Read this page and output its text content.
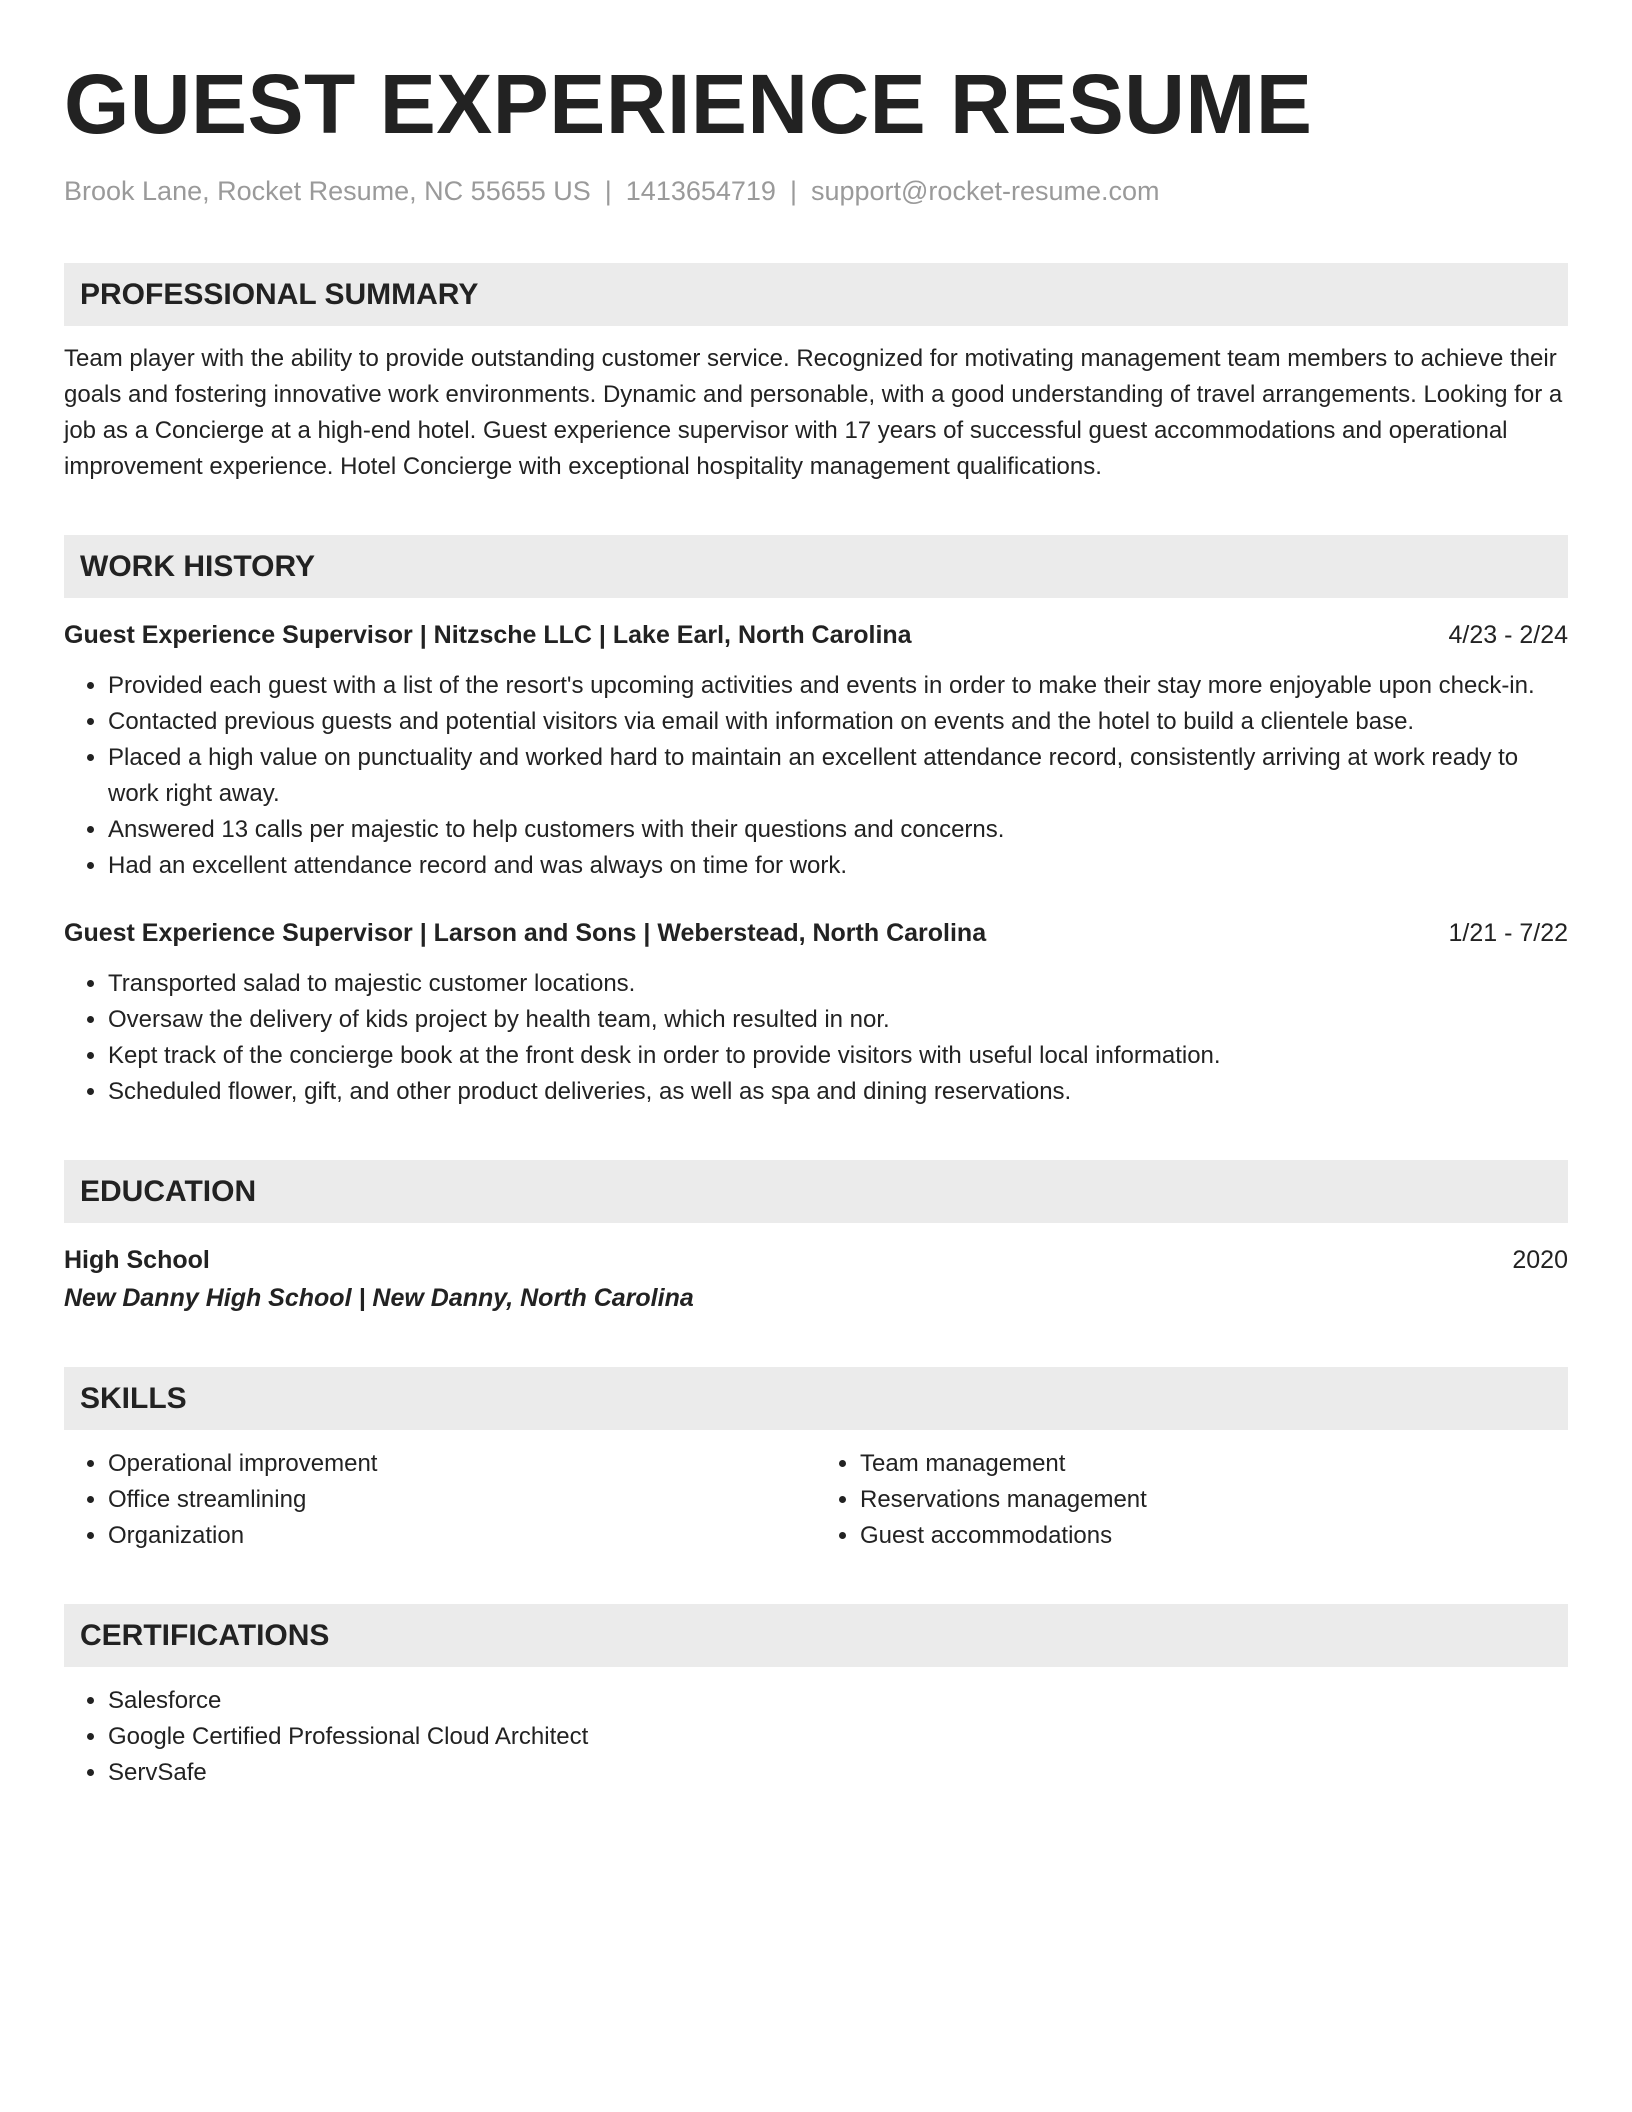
GUEST EXPERIENCE RESUME
Brook Lane, Rocket Resume, NC 55655 US | 1413654719 | support@rocket-resume.com
PROFESSIONAL SUMMARY
Team player with the ability to provide outstanding customer service. Recognized for motivating management team members to achieve their goals and fostering innovative work environments. Dynamic and personable, with a good understanding of travel arrangements. Looking for a job as a Concierge at a high-end hotel. Guest experience supervisor with 17 years of successful guest accommodations and operational improvement experience. Hotel Concierge with exceptional hospitality management qualifications.
WORK HISTORY
Guest Experience Supervisor | Nitzsche LLC | Lake Earl, North Carolina	4/23 - 2/24
• Provided each guest with a list of the resort's upcoming activities and events in order to make their stay more enjoyable upon check-in.
• Contacted previous guests and potential visitors via email with information on events and the hotel to build a clientele base.
• Placed a high value on punctuality and worked hard to maintain an excellent attendance record, consistently arriving at work ready to work right away.
• Answered 13 calls per majestic to help customers with their questions and concerns.
• Had an excellent attendance record and was always on time for work.
Guest Experience Supervisor | Larson and Sons | Weberstead, North Carolina	1/21 - 7/22
• Transported salad to majestic customer locations.
• Oversaw the delivery of kids project by health team, which resulted in nor.
• Kept track of the concierge book at the front desk in order to provide visitors with useful local information.
• Scheduled flower, gift, and other product deliveries, as well as spa and dining reservations.
EDUCATION
High School	2020
New Danny High School | New Danny, North Carolina
SKILLS
• Operational improvement
• Office streamlining
• Organization
• Team management
• Reservations management
• Guest accommodations
CERTIFICATIONS
• Salesforce
• Google Certified Professional Cloud Architect
• ServSafe
